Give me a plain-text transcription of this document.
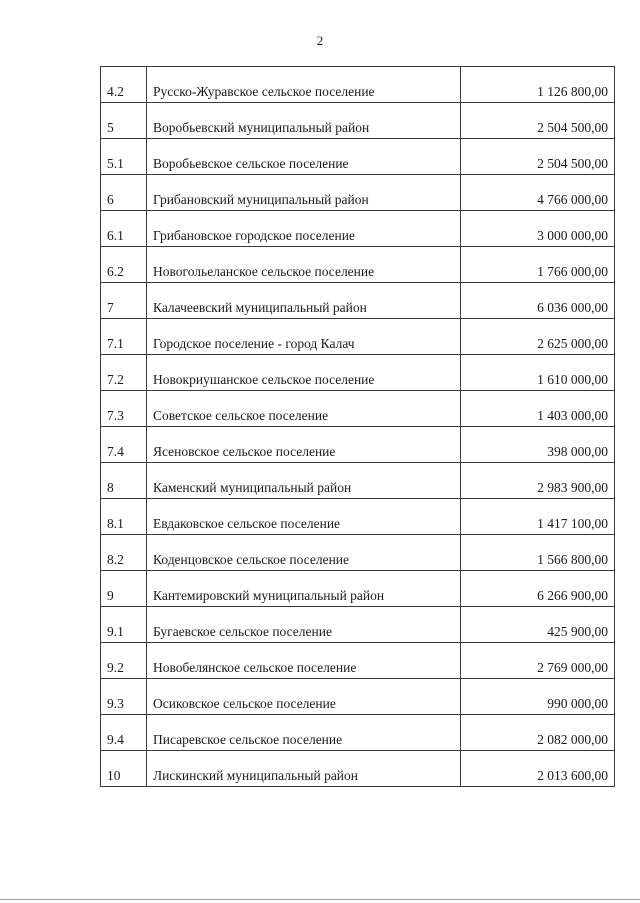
2
4.2	Русско-Журавское сельское поселение	1 126 800,00
5	Воробьевский муниципальный район	2 504 500,00
5.1	Воробьевское сельское поселение	2 504 500,00
6	Грибановский муниципальный район	4 766 000,00
6.1	Грибановское городское поселение	3 000 000,00
6.2	Новогольеланское сельское поселение	1 766 000,00
7	Калачеевский муниципальный район	6 036 000,00
7.1	Городское поселение - город Калач	2 625 000,00
7.2	Новокриушанское сельское поселение	1 610 000,00
7.3	Советское сельское поселение	1 403 000,00
7.4	Ясеновское сельское поселение	398 000,00
8	Каменский муниципальный район	2 983 900,00
8.1	Евдаковское сельское поселение	1 417 100,00
8.2	Коденцовское сельское поселение	1 566 800,00
9	Кантемировский муниципальный район	6 266 900,00
9.1	Бугаевское сельское поселение	425 900,00
9.2	Новобелянское сельское поселение	2 769 000,00
9.3	Осиковское сельское поселение	990 000,00
9.4	Писаревское сельское поселение	2 082 000,00
10	Лискинский муниципальный район	2 013 600,00
